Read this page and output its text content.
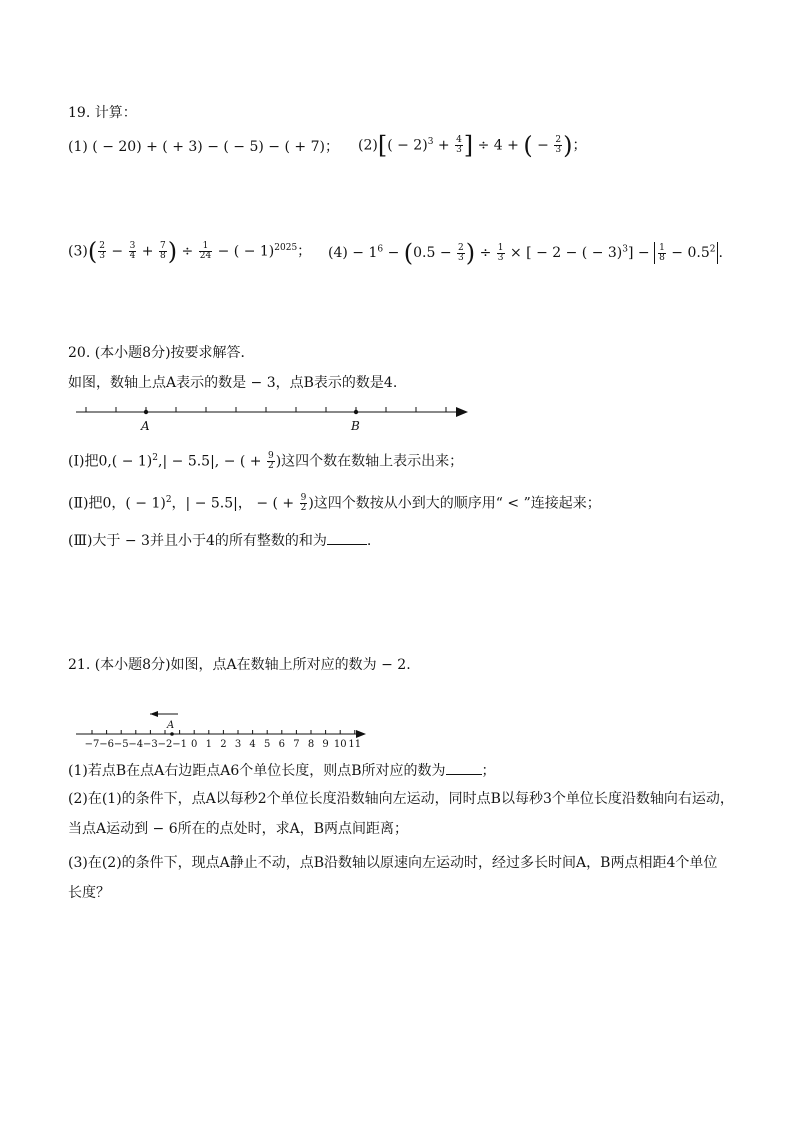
19. 计算：
(1) ( − 20) + ( + 3) − ( − 5) − ( + 7)； $(2)[( - 2)^3 + \frac{4}{3}$ ] ÷ 4 + ( − $\frac{2}{3}$ )；
$(3)( \frac{2}{3} - \frac{3}{4} + \frac{7}{8}$ ) ÷ $\frac{1}{24}$ − ( − 1)$^{2025}$； $(4) - 1^6 - (0.5 - \frac{2}{3}$ ) ÷ $\frac{1}{3}$ × [ − 2 − ( − $3)^3] - \frac{1}{8} - 0.5^2$ .
20. (本小题8分)按要求解答．
如图，数轴上点A表示的数是 − 3，点B表示的数是4.
A	B
(Ⅰ)把$0,( - 1)^2,| - 5.5|$, − ( + $\frac{9}{2}$ )这四个数在数轴上表示出来；
(Ⅱ)把0，( − 1)$^2$，| − 5.5|， − ( + $\frac{9}{2}$ )这四个数按从小到大的顺序用“ < ”连接起来；
(Ⅲ)大于 − 3并且小于4的所有整数的和为	.
21. (本小题8分)如图，点A在数轴上所对应的数为 − 2.
A
−7 −6 −5 −4 −3 −2 −1 0 1 2 3 4 5 6 7 8 9 10 11
(1)若点B在点A右边距点A6个单位长度，则点B所对应的数为	；
(2)在(1)的条件下，点A以每秒2个单位长度沿数轴向左运动，同时点B以每秒3个单位长度沿数轴向右运动，
当点A运动到 − 6所在的点处时，求A，B两点间距离；
(3)在(2)的条件下，现点A静止不动，点B沿数轴以原速向左运动时，经过多长时间A，B两点相距4个单位
长度？
